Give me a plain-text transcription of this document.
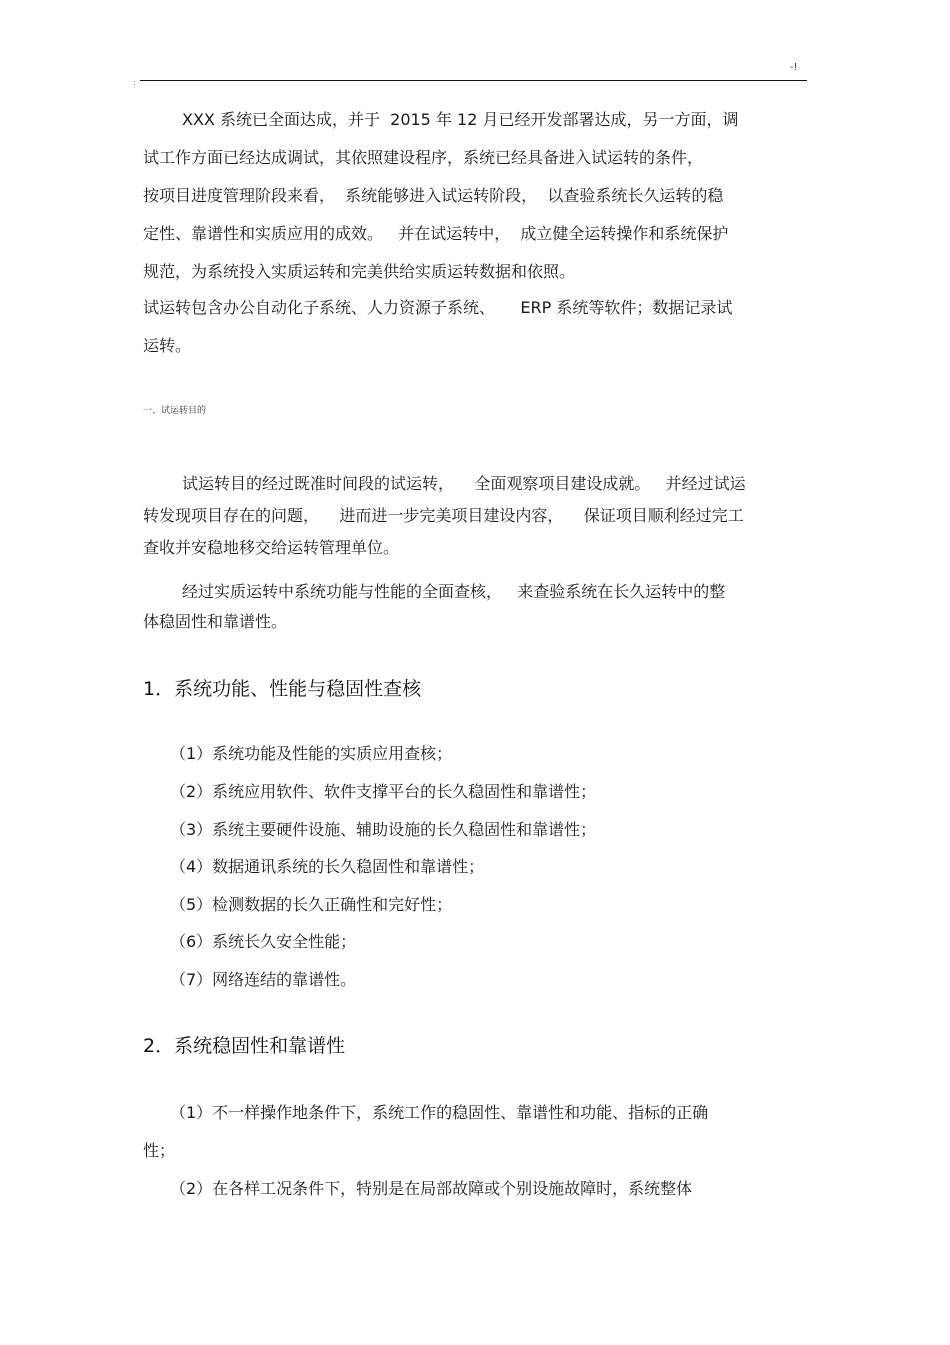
-!
:
XXX 系统已全面达成，并于  2015 年 12 月已经开发部署达成，另一方面，调
试工作方面已经达成调试，其依照建设程序，系统已经具备进入试运转的条件，
按项目进度管理阶段来看，  系统能够进入试运转阶段，  以查验系统长久运转的稳
定性、靠谱性和实质应用的成效。   并在试运转中，  成立健全运转操作和系统保护
规范，为系统投入实质运转和完美供给实质运转数据和依照。
试运转包含办公自动化子系统、人力资源子系统、     ERP 系统等软件；数据记录试
运转。
一、试运转目的
试运转目的经过既准时间段的试运转，    全面观察项目建设成就。   并经过试运
转发现项目存在的问题，    进而进一步完美项目建设内容，    保证项目顺利经过完工
查收并安稳地移交给运转管理单位。
经过实质运转中系统功能与性能的全面查核，   来查验系统在长久运转中的整
体稳固性和靠谱性。
1．系统功能、性能与稳固性查核
（1）系统功能及性能的实质应用查核；
（2）系统应用软件、软件支撑平台的长久稳固性和靠谱性；
（3）系统主要硬件设施、辅助设施的长久稳固性和靠谱性；
（4）数据通讯系统的长久稳固性和靠谱性；
（5）检测数据的长久正确性和完好性；
（6）系统长久安全性能；
（7）网络连结的靠谱性。
2．系统稳固性和靠谱性
（1）不一样操作地条件下，系统工作的稳固性、靠谱性和功能、指标的正确
性；
（2）在各样工况条件下，特别是在局部故障或个别设施故障时，系统整体
